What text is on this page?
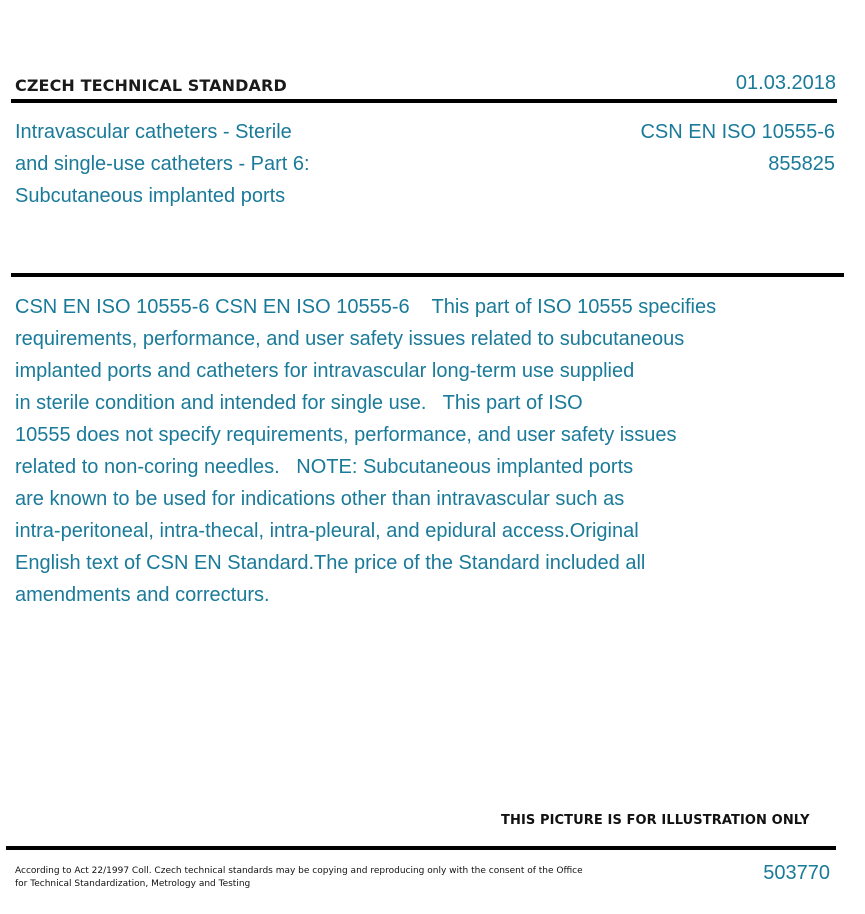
CZECH TECHNICAL STANDARD	01.03.2018
Intravascular catheters - Sterile
and single-use catheters - Part 6:
Subcutaneous implanted ports
CSN EN ISO 10555-6
855825
CSN EN ISO 10555-6 CSN EN ISO 10555-6    This part of ISO 10555 specifies
requirements, performance, and user safety issues related to subcutaneous
implanted ports and catheters for intravascular long-term use supplied
in sterile condition and intended for single use.   This part of ISO
10555 does not specify requirements, performance, and user safety issues
related to non-coring needles.   NOTE: Subcutaneous implanted ports
are known to be used for indications other than intravascular such as
intra-peritoneal, intra-thecal, intra-pleural, and epidural access.Original
English text of CSN EN Standard.The price of the Standard included all
amendments and correcturs.
THIS PICTURE IS FOR ILLUSTRATION ONLY
According to Act 22/1997 Coll. Czech technical standards may be copying and reproducing only with the consent of the Office
for Technical Standardization, Metrology and Testing	503770
